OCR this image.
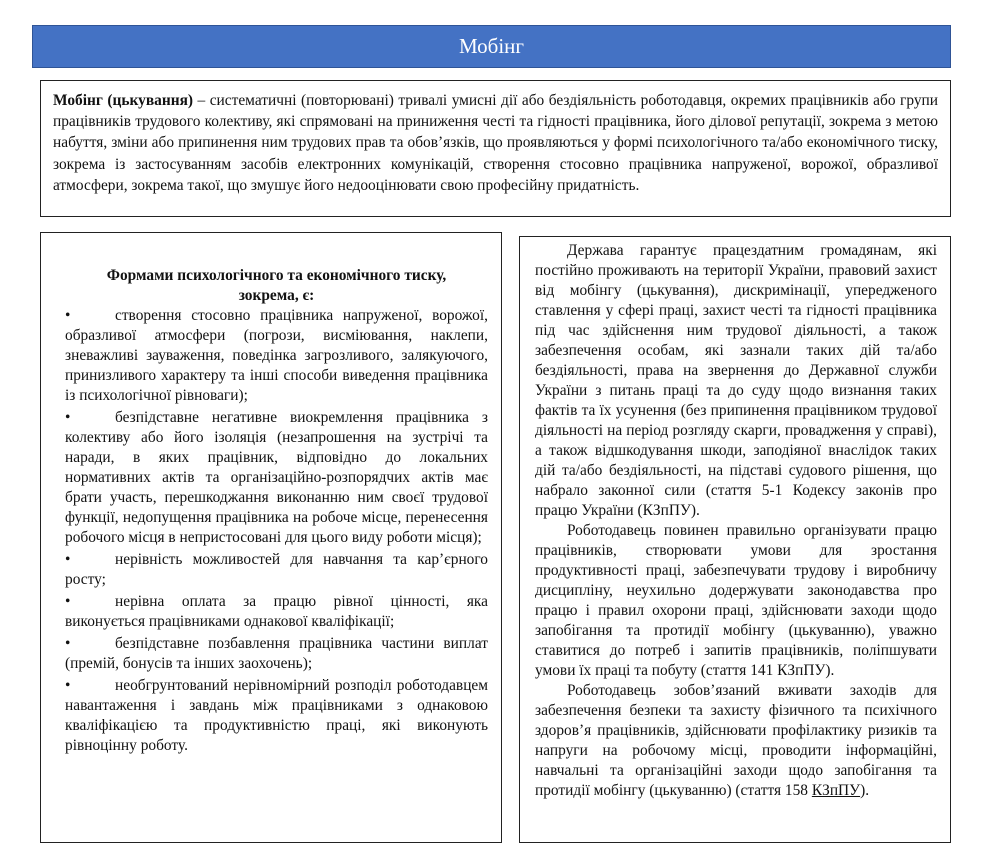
Мобінг
Мобінг (цькування) – систематичні (повторювані) тривалі умисні дії або бездіяльність роботодавця, окремих працівників або групи працівників трудового колективу, які спрямовані на приниження честі та гідності працівника, його ділової репутації, зокрема з метою набуття, зміни або припинення ним трудових прав та обов’язків, що проявляються у формі психологічного та/або економічного тиску, зокрема із застосуванням засобів електронних комунікацій, створення стосовно працівника напруженої, ворожої, образливої атмосфери, зокрема такої, що змушує його недооцінювати свою професійну придатність.
Формами психологічного та економічного тиску, зокрема, є:
•	створення стосовно працівника напруженої, ворожої, образливої атмосфери (погрози, висміювання, наклепи, зневажливі зауваження, поведінка загрозливого, залякуючого, принизливого характеру та інші способи виведення працівника із психологічної рівноваги);
•	безпідставне негативне виокремлення працівника з колективу або його ізоляція (незапрошення на зустрічі та наради, в яких працівник, відповідно до локальних нормативних актів та організаційно-розпорядчих актів має брати участь, перешкоджання виконанню ним своєї трудової функції, недопущення працівника на робоче місце, перенесення робочого місця в непристосовані для цього виду роботи місця);
•	нерівність можливостей для навчання та кар’єрного росту;
•	нерівна оплата за працю рівної цінності, яка виконується працівниками однакової кваліфікації;
•	безпідставне позбавлення працівника частини виплат (премій, бонусів та інших заохочень);
•	необгрунтований нерівномірний розподіл роботодавцем навантаження і завдань між працівниками з однаковою кваліфікацією та продуктивністю праці, які виконують рівноцінну роботу.

Держава гарантує працездатним громадянам, які постійно проживають на території України, правовий захист від мобінгу (цькування), дискримінації, упередженого ставлення у сфері праці, захист честі та гідності працівника під час здійснення ним трудової діяльності, а також забезпечення особам, які зазнали таких дій та/або бездіяльності, права на звернення до Державної служби України з питань праці та до суду щодо визнання таких фактів та їх усунення (без припинення працівником трудової діяльності на період розгляду скарги, провадження у справі), а також відшкодування шкоди, заподіяної внаслідок таких дій та/або бездіяльності, на підставі судового рішення, що набрало законної сили (стаття 5-1 Кодексу законів про працю України (КЗпПУ).

Роботодавець повинен правильно організувати працю працівників, створювати умови для зростання продуктивності праці, забезпечувати трудову і виробничу дисципліну, неухильно додержувати законодавства про працю і правил охорони праці, здійснювати заходи щодо запобігання та протидії мобінгу (цькуванню), уважно ставитися до потреб і запитів працівників, поліпшувати умови їх праці та побуту (стаття 141 КЗпПУ).

Роботодавець зобов’язаний вживати заходів для забезпечення безпеки та захисту фізичного та психічного здоров’я працівників, здійснювати профілактику ризиків та напруги на робочому місці, проводити інформаційні, навчальні та організаційні заходи щодо запобігання та протидії мобінгу (цькуванню) (стаття 158 КЗпПУ).
